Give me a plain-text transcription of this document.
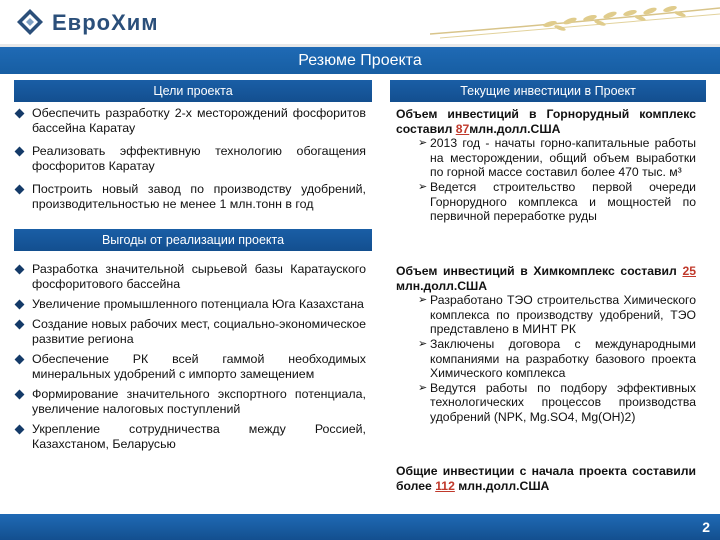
ЕвроХим
Резюме Проекта
Цели проекта
Выгоды от реализации проекта
Текущие инвестиции в Проект
Обеспечить разработку 2-х месторождений фосфоритов бассейна Каратау
Реализовать эффективную технологию обогащения фосфоритов Каратау
Построить новый завод по производству удобрений, производительностью не менее 1 млн.тонн в год
Разработка значительной сырьевой базы Каратауского фосфоритового бассейна
Увеличение промышленного потенциала Юга Казахстана
Создание новых рабочих мест, социально-экономическое развитие региона
Обеспечение РК всей гаммой необходимых минеральных удобрений с импорто замещением
Формирование значительного экспортного потенциала, увеличение налоговых поступлений
Укрепление сотрудничества между Россией, Казахстаном, Беларусью

Объем инвестиций в Горнорудный комплекс составил 87млн.долл.США

➢ 2013 год - начаты горно-капитальные работы на месторождении, общий объем выработки по горной массе составил более 470 тыс. м³

➢ Ведется строительство первой очереди Горнорудного комплекса и мощностей по первичной переработке руды

Объем инвестиций в Химкомплекс составил 25 млн.долл.США

➢ Разработано ТЭО строительства Химического комплекса по производству удобрений, ТЭО представлено в МИНТ РК

➢ Заключены договора с международными компаниями на разработку базового проекта Химического комплекса

➢ Ведутся работы по подбору эффективных технологических процессов производства удобрений (NPK, Mg.SO4, Mg(OH)2)

Общие инвестиции с начала проекта составили более 112 млн.долл.США

2
